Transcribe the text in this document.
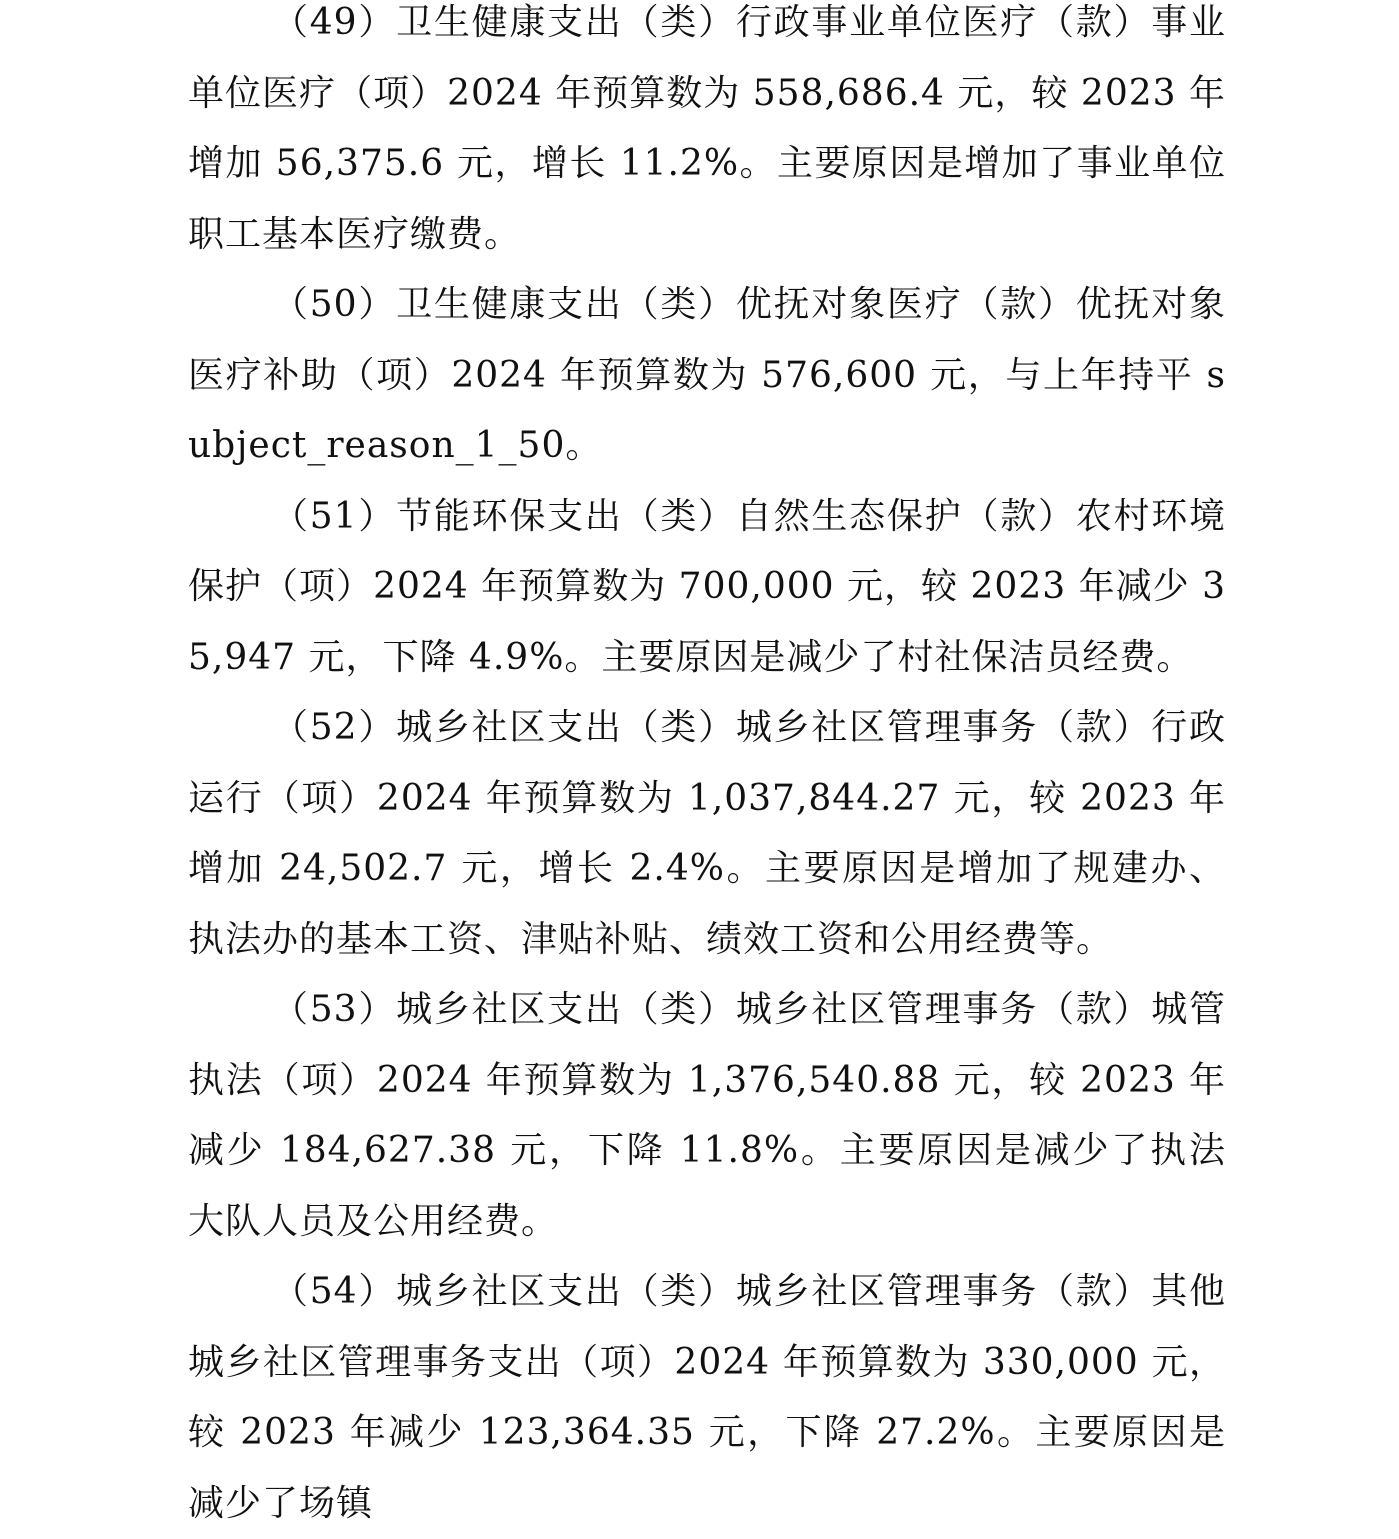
（49）卫生健康支出（类）行政事业单位医疗（款）事业单位医疗（项）2024 年预算数为 558,686.4 元，较 2023 年增加 56,375.6 元，增长 11.2%。主要原因是增加了事业单位职工基本医疗缴费。

（50）卫生健康支出（类）优抚对象医疗（款）优抚对象医疗补助（项）2024 年预算数为 576,600 元，与上年持平 subject_reason_1_50。

（51）节能环保支出（类）自然生态保护（款）农村环境保护（项）2024 年预算数为 700,000 元，较 2023 年减少 35,947 元，下降 4.9%。主要原因是减少了村社保洁员经费。

（52）城乡社区支出（类）城乡社区管理事务（款）行政运行（项）2024 年预算数为 1,037,844.27 元，较 2023 年增加 24,502.7 元，增长 2.4%。主要原因是增加了规建办、执法办的基本工资、津贴补贴、绩效工资和公用经费等。

（53）城乡社区支出（类）城乡社区管理事务（款）城管执法（项）2024 年预算数为 1,376,540.88 元，较 2023 年减少 184,627.38 元，下降 11.8%。主要原因是减少了执法大队人员及公用经费。

（54）城乡社区支出（类）城乡社区管理事务（款）其他城乡社区管理事务支出（项）2024 年预算数为 330,000 元，较 2023 年减少 123,364.35 元，下降 27.2%。主要原因是减少了场镇
